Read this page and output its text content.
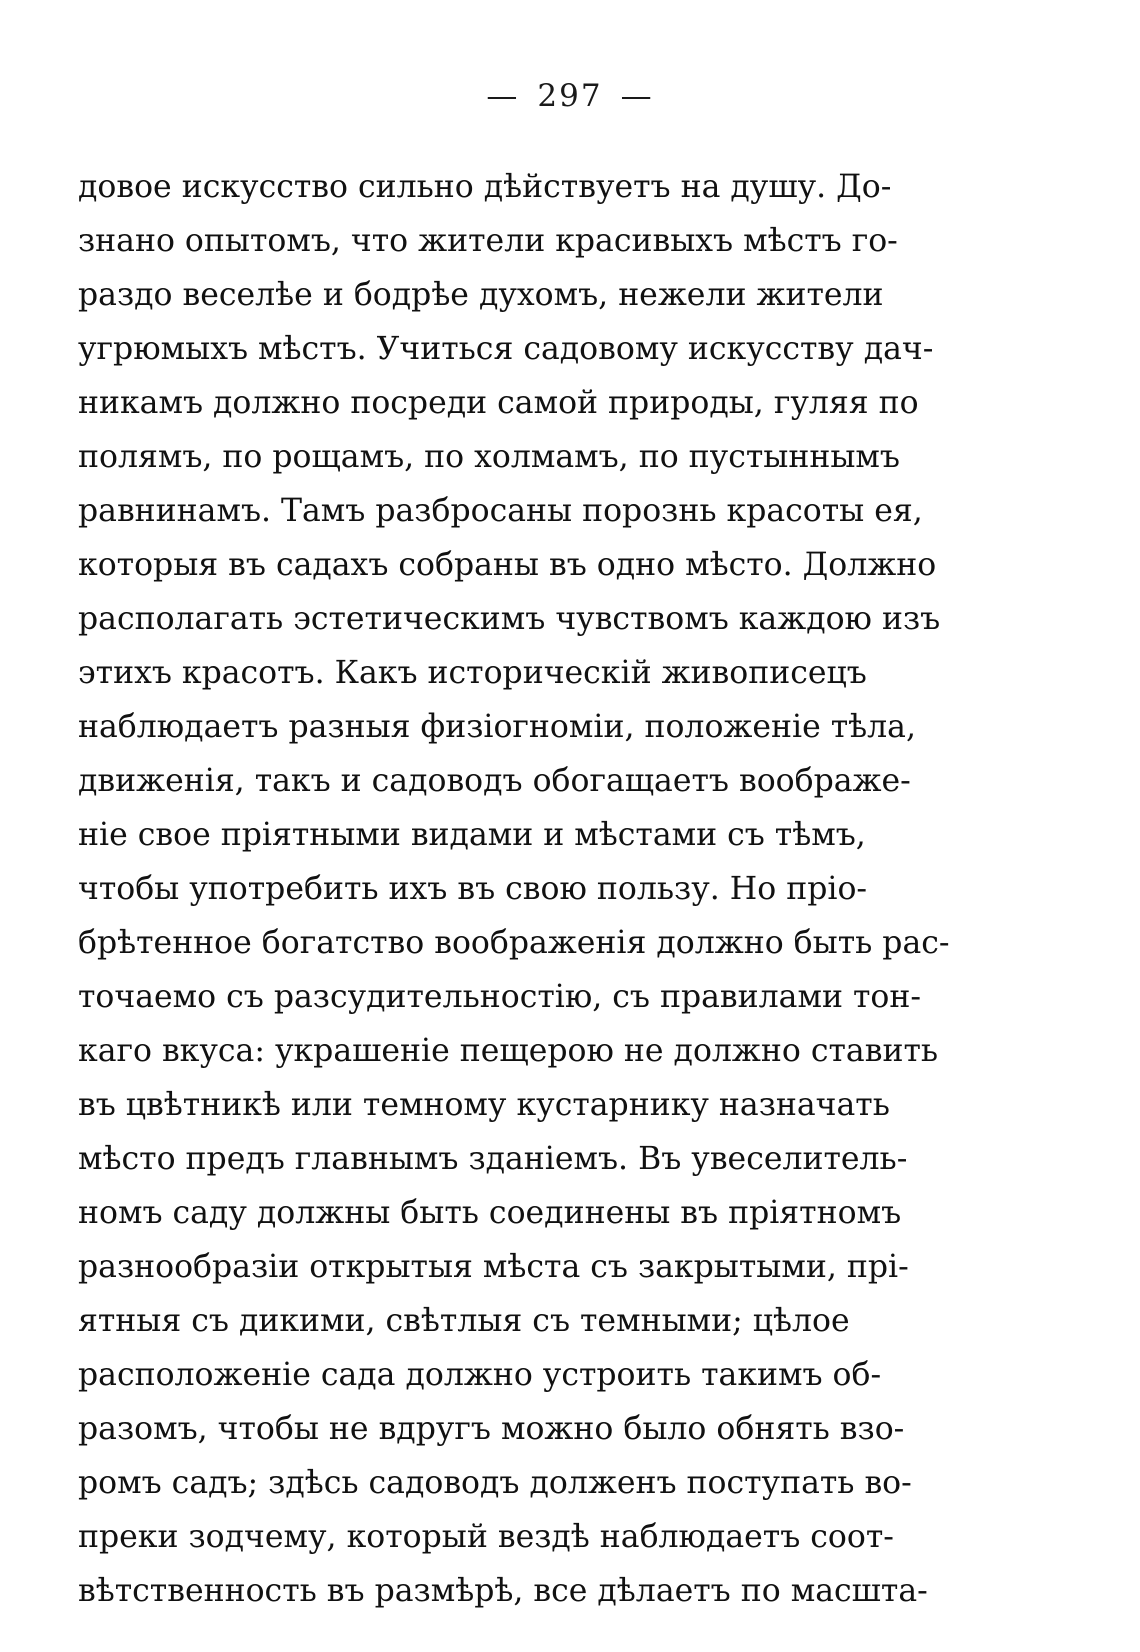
— 297 —
довое искусство сильно дѣйствуетъ на душу. До-
знано опытомъ, что жители красивыхъ мѣстъ го-
раздо веселѣе и бодрѣе духомъ, нежели жители
угрюмыхъ мѣстъ. Учиться садовому искусству дач-
никамъ должно посреди самой природы, гуляя по
полямъ, по рощамъ, по холмамъ, по пустыннымъ
равнинамъ. Тамъ разбросаны порознь красоты ея,
которыя въ садахъ собраны въ одно мѣсто. Должно
располагать эстетическимъ чувствомъ каждою изъ
этихъ красотъ. Какъ историческій живописецъ
наблюдаетъ разныя физіогноміи, положеніе тѣла,
движенія, такъ и садоводъ обогащаетъ воображе-
ніе свое пріятными видами и мѣстами съ тѣмъ,
чтобы употребить ихъ въ свою пользу. Но пріо-
брѣтенное богатство воображенія должно быть рас-
точаемо съ разсудительностію, съ правилами тон-
каго вкуса: украшеніе пещерою не должно ставить
въ цвѣтникѣ или темному кустарнику назначать
мѣсто предъ главнымъ зданіемъ. Въ увеселитель-
номъ саду должны быть соединены въ пріятномъ
разнообразіи открытыя мѣста съ закрытыми, прі-
ятныя съ дикими, свѣтлыя съ темными; цѣлое
расположеніе сада должно устроить такимъ об-
разомъ, чтобы не вдругъ можно было обнять взо-
ромъ садъ; здѣсь садоводъ долженъ поступать во-
преки зодчему, который вездѣ наблюдаетъ соот-
вѣтственность въ размѣрѣ, все дѣлаетъ по масшта-
